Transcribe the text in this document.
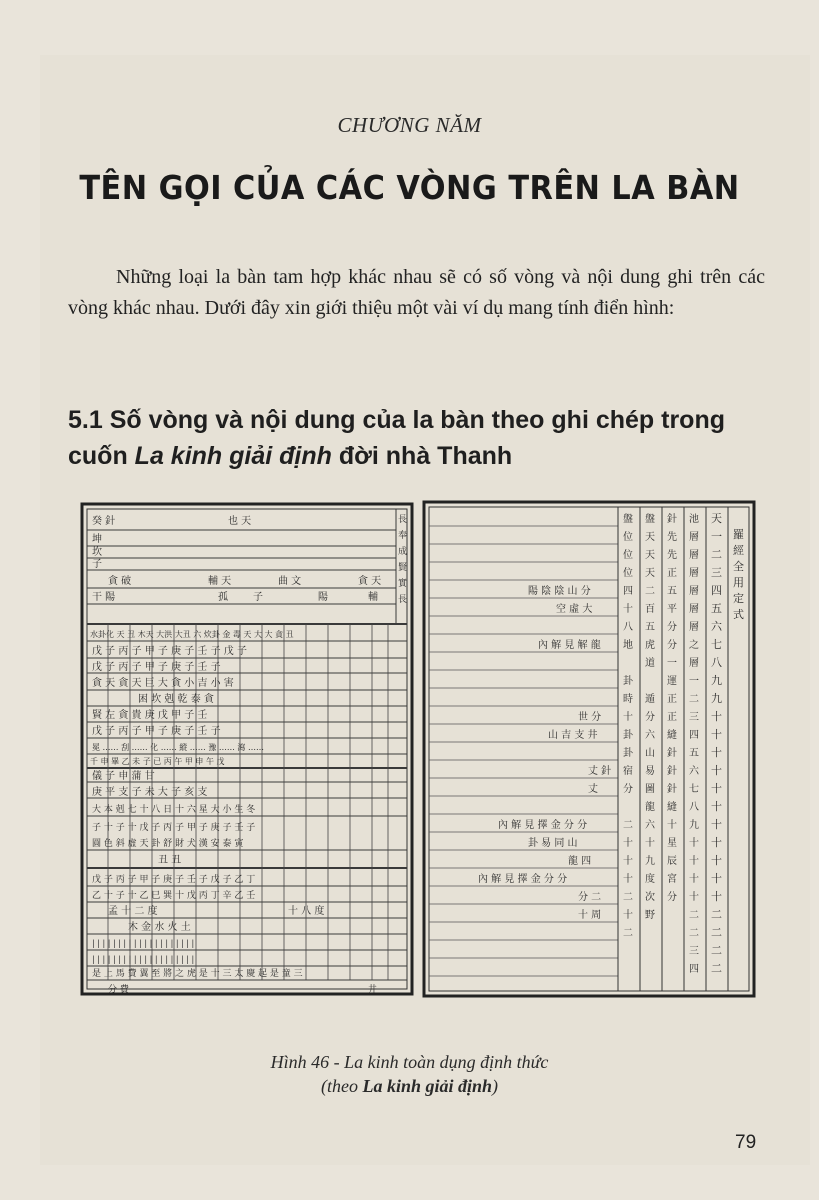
CHƯƠNG NĂM
TÊN GỌI CỦA CÁC VÒNG TRÊN LA BÀN
Những loại la bàn tam hợp khác nhau sẽ có số vòng và nội dung ghi trên các vòng khác nhau. Dưới đây xin giới thiệu một vài ví dụ mang tính điển hình:
5.1 Số vòng và nội dung của la bàn theo ghi chép trong cuốn La kinh giải định đời nhà Thanh
癸 針	也 天
坤
坎
子
貪 破	輔 天	曲 文	貪 天
干 陽	孤	子	陽	輔
水卦化 天 丑 木天 大洪 大丑 六 炊卦 金 毒 天 大 大 貪 丑
戊 子 丙 子 甲 子 庚 子 壬 子 戊 子
戊 子 丙 子 甲 子 庚 子 壬 子
貪 天 貪 天 巨 大 貪 小 吉 小 害
困 坎 剋 乾 泰 貪
賢 左 貪 貴 庚 戊 甲 子 壬
戊 子 丙 子 甲 子 庚 子 壬 子
冕 …… 刮 …… 化 …… 縱 …… 豫 …… 瀉 ……
千 申 畢 乙 未 子 已 丙 午 甲 申 午 戊
儀 子 申 蒲 甘
庚 平 支 子 未 大 子 亥 支
大 本 剋 七 十 八 日 十 六 星 大 小 生 冬
子 十 子 十 戊 子 丙 子 甲 子 庚 子 壬 子
圓 色 斜 虛 天 卦 舒 財 犬 漢 安 泰 寅
丑 丑
戊 子 丙 子 甲 子 庚 子 壬 子 戊 子 乙 丁
乙 十 子 十 乙 巳 巽 十 戊 丙 丁 辛 乙 壬
孟 十 二 度	十 八 度
木 金 水 火 土
| | | | | | | | | | | | | | | | | | | |
| | | | | | | | | | | | | | | | | | | |
是 上 馬 費 翼 至 將 之 虎 是 十 三 太 慶 起 是 童 三
分 費	井
長
奉
成
賢
實
長
羅
經
全
用
定
式
天
一
二
三
四
五
六
七
八
九
九
十
十
十
十
十
十
十
十
十
十
十
二
二
二
二
池
層
層
層
層
層
層
之
層
一
二
三
四
五
六
七
八
九
十
十
十
十
二
二
三
四
針
先
先
正
五
平
分
分
一
運
正
正
縫
針
針
針
縫
十
星
辰
宮
分
盤
天
天
天
二
百
五
虎
道
遁
分
六
山
易
圖
龍
六
十
九
度
次
野
盤
位
位
位
四
十
八
地
卦
時
十
卦
卦
宿
分
二
十
十
十
二
十
二
陽 陰 陰 山 分
空 虛 大
內 解 見 解 龍
世 分
山 吉 支 井
丈 針
丈
內 解 見 擇 金 分 分
卦 易 同 山
龍 四
內 解 見 擇 金 分 分
分 二
十 周
Hình 46 - La kinh toàn dụng định thức
(theo La kinh giải định)
79
